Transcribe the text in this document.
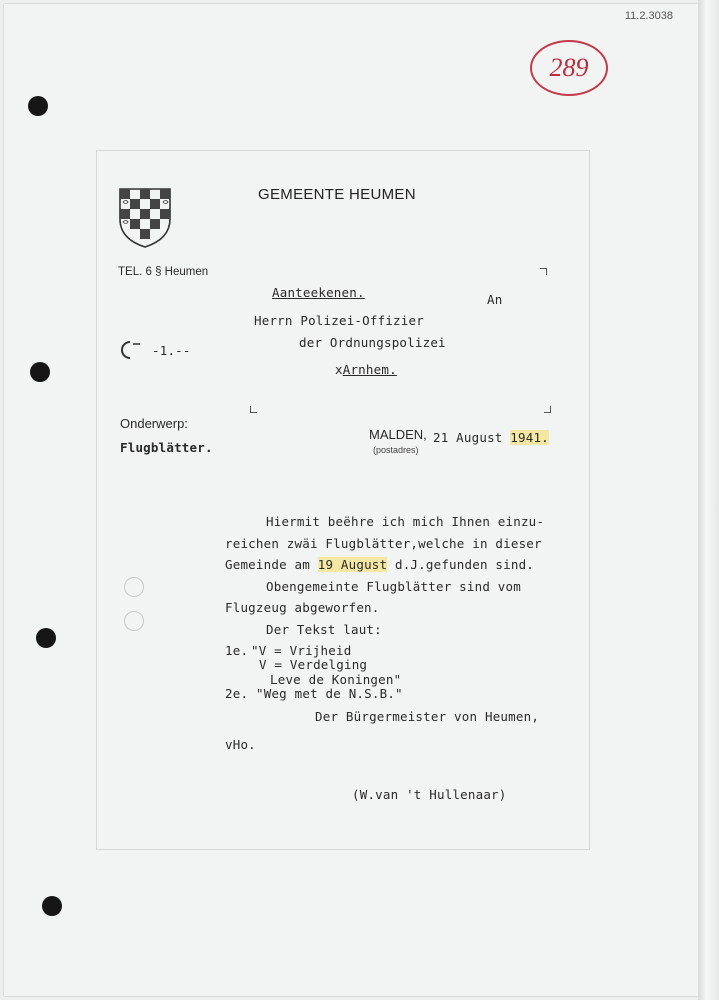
11.2.3038
289
GEMEENTE HEUMEN
TEL. 6 § Heumen
Aanteekenen.	An
Herrn Polizei-Offizier
der Ordnungspolizei
xArnhem.
-1.--
Onderwerp:
Flugblätter.
MALDEN,
(postadres)
21 August 1941.
Hiermit beëhre ich mich Ihnen einzu-
reichen zwäi Flugblätter,welche in dieser
Gemeinde am 19 August d.J.gefunden sind.
Obengemeinte Flugblätter sind vom
Flugzeug abgeworfen.
Der Tekst laut:
1e. "V = Vrijheid
V = Verdelging
Leve de Koningen"
2e. "Weg met de N.S.B."
Der Bürgermeister von Heumen,
vHo.
(W.van 't Hullenaar)
